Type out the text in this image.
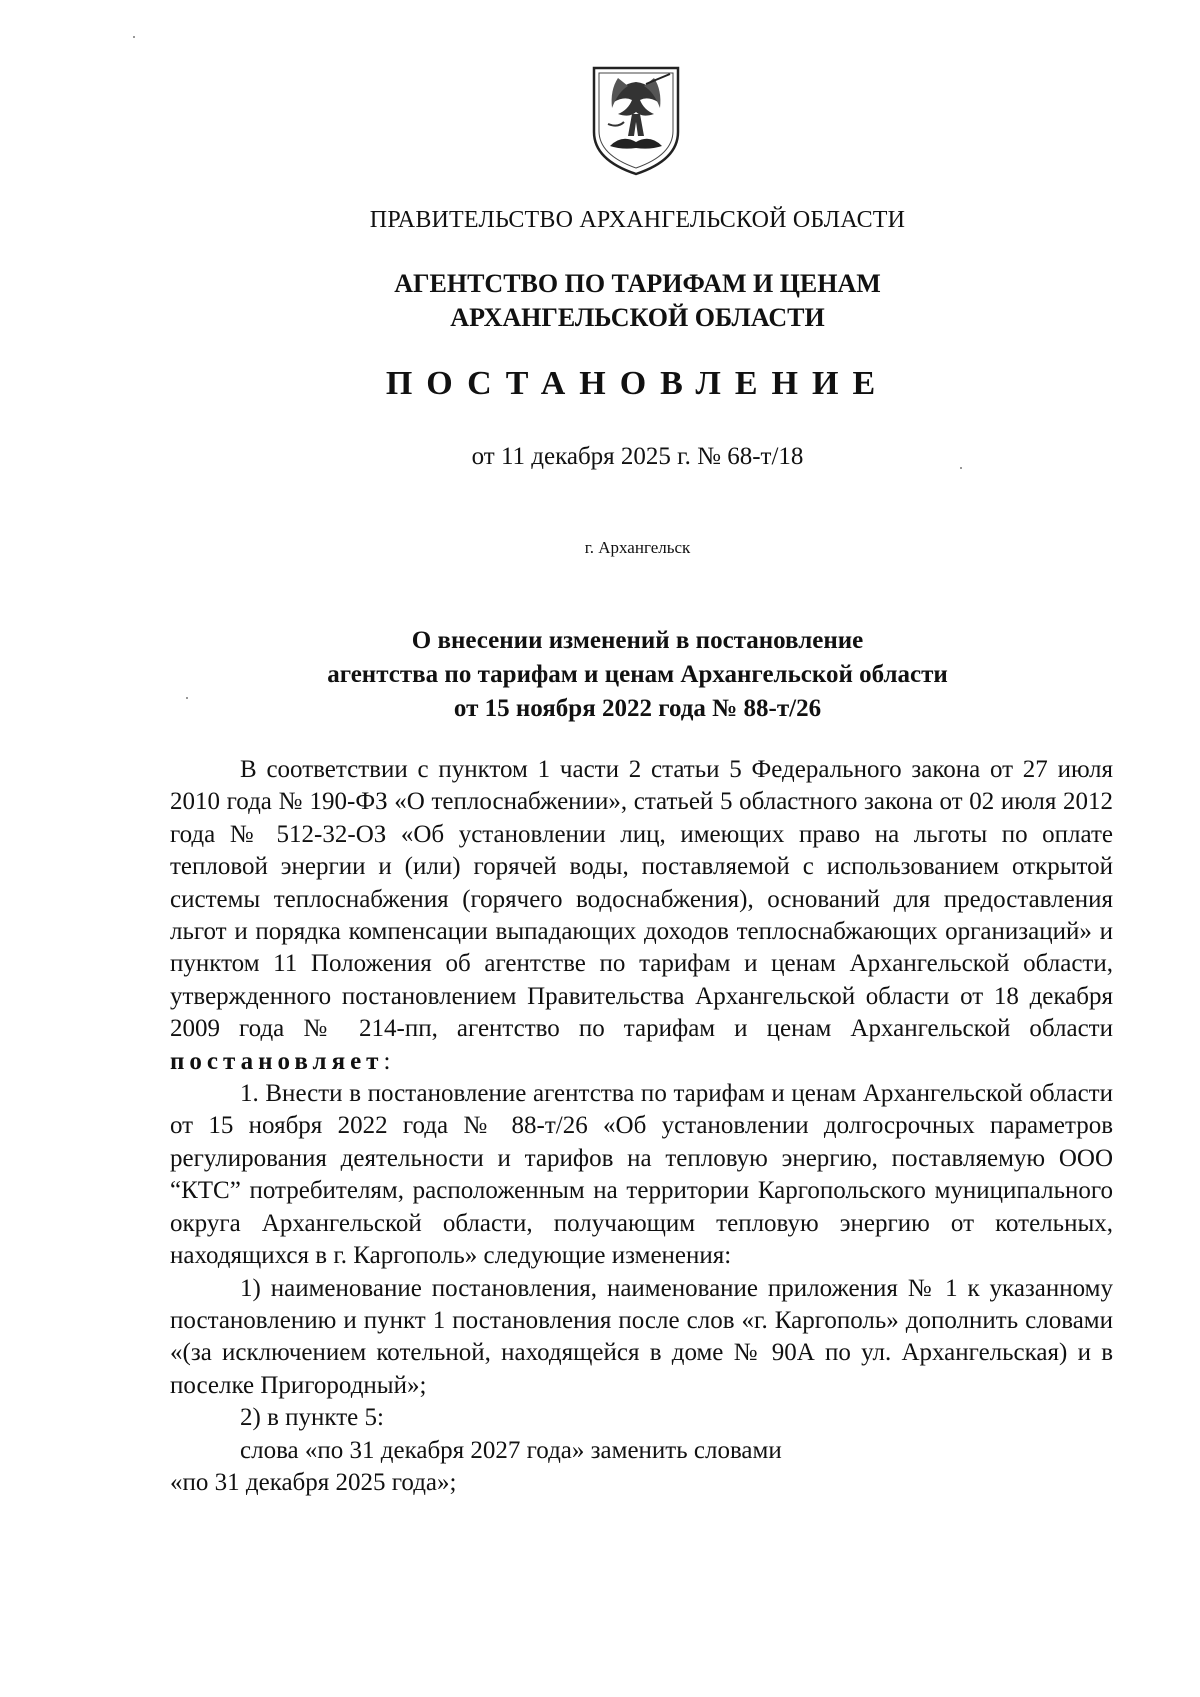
ПРАВИТЕЛЬСТВО АРХАНГЕЛЬСКОЙ ОБЛАСТИ
АГЕНТСТВО ПО ТАРИФАМ И ЦЕНАМ
АРХАНГЕЛЬСКОЙ ОБЛАСТИ
ПОСТАНОВЛЕНИЕ
от 11 декабря 2025 г. № 68-т/18
г. Архангельск
О внесении изменений в постановление
агентства по тарифам и ценам Архангельской области
от 15 ноября 2022 года № 88-т/26

В соответствии с пунктом 1 части 2 статьи 5 Федерального закона от 27 июля 2010 года № 190-ФЗ «О теплоснабжении», статьей 5 областного закона от 02 июля 2012 года № 512-32-ОЗ «Об установлении лиц, имеющих право на льготы по оплате тепловой энергии и (или) горячей воды, поставляемой с использованием открытой системы теплоснабжения (горячего водоснабжения), оснований для предоставления льгот и порядка компенсации выпадающих доходов теплоснабжающих организаций» и пунктом 11 Положения об агентстве по тарифам и ценам Архангельской области, утвержденного постановлением Правительства Архангельской области от 18 декабря 2009 года № 214-пп, агентство по тарифам и ценам Архангельской области постановляет:

1. Внести в постановление агентства по тарифам и ценам Архангельской области от 15 ноября 2022 года № 88-т/26 «Об установлении долгосрочных параметров регулирования деятельности и тарифов на тепловую энергию, поставляемую ООО “КТС” потребителям, расположенным на территории Каргопольского муниципального округа Архангельской области, получающим тепловую энергию от котельных, находящихся в г. Каргополь» следующие изменения:

1) наименование постановления, наименование приложения № 1 к указанному постановлению и пункт 1 постановления после слов «г. Каргополь» дополнить словами «(за исключением котельной, находящейся в доме № 90А по ул. Архангельская) и в поселке Пригородный»;

2) в пункте 5:

слова «по 31 декабря 2027 года» заменить словами

«по 31 декабря 2025 года»;
